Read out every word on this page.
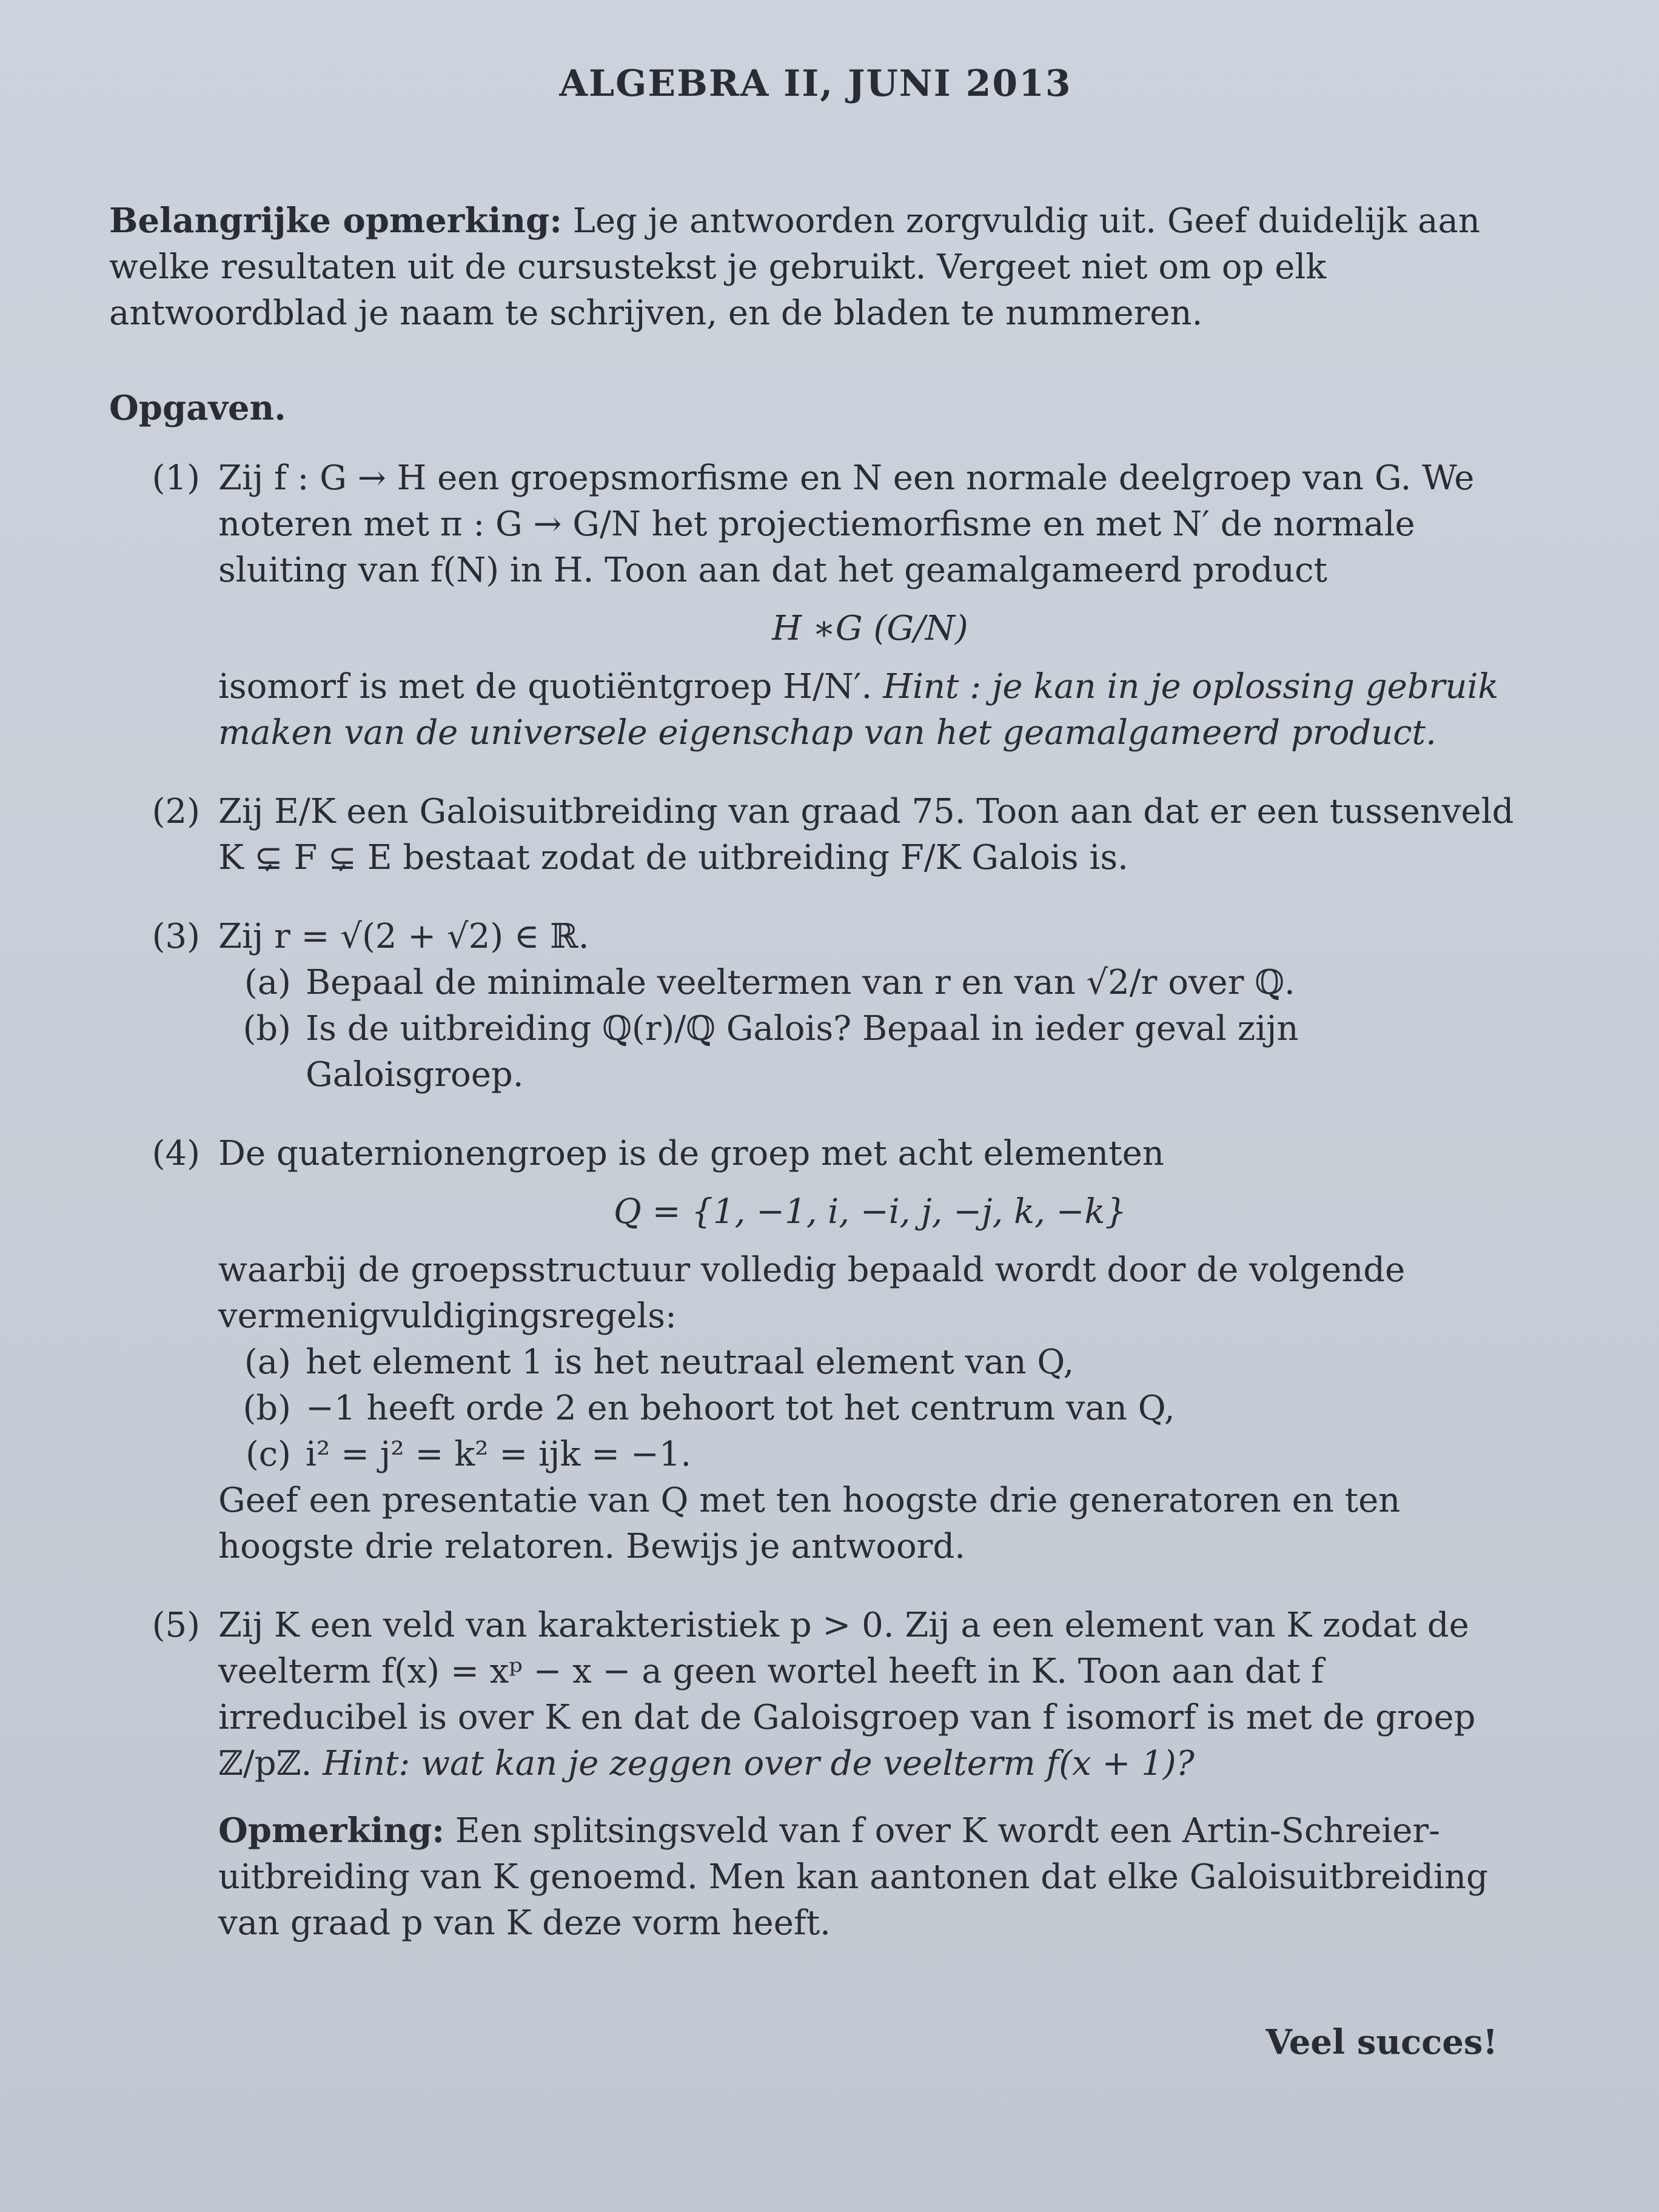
ALGEBRA II, JUNI 2013

Belangrijke opmerking: Leg je antwoorden zorgvuldig uit. Geef duidelijk aan welke resultaten uit de cursustekst je gebruikt. Vergeet niet om op elk antwoordblad je naam te schrijven, en de bladen te nummeren.

Opgaven.
(1) Zij f : G → H een groepsmorfisme en N een normale deelgroep van G. We noteren met π : G → G/N het projectiemorfisme en met N′ de normale sluiting van f(N) in H. Toon aan dat het geamalgameerd product
H ∗G (G/N)
isomorf is met de quotiëntgroep H/N′. Hint : je kan in je oplossing gebruik maken van de universele eigenschap van het geamalgameerd product.
(2) Zij E/K een Galoisuitbreiding van graad 75. Toon aan dat er een tussenveld K ⊊ F ⊊ E bestaat zodat de uitbreiding F/K Galois is.
(3) Zij r = √(2 + √2) ∈ ℝ.
(a) Bepaal de minimale veeltermen van r en van √2/r over ℚ.
(b) Is de uitbreiding ℚ(r)/ℚ Galois? Bepaal in ieder geval zijn Galoisgroep.
(4) De quaternionengroep is de groep met acht elementen
Q = {1, −1, i, −i, j, −j, k, −k}
waarbij de groepsstructuur volledig bepaald wordt door de volgende vermenigvuldigingsregels:
(a) het element 1 is het neutraal element van Q,
(b) −1 heeft orde 2 en behoort tot het centrum van Q,
(c) i² = j² = k² = ijk = −1.
Geef een presentatie van Q met ten hoogste drie generatoren en ten hoogste drie relatoren. Bewijs je antwoord.
(5) Zij K een veld van karakteristiek p > 0. Zij a een element van K zodat de veelterm f(x) = xᵖ − x − a geen wortel heeft in K. Toon aan dat f irreducibel is over K en dat de Galoisgroep van f isomorf is met de groep ℤ/pℤ. Hint: wat kan je zeggen over de veelterm f(x + 1)?
Opmerking: Een splitsingsveld van f over K wordt een Artin-Schreier-uitbreiding van K genoemd. Men kan aantonen dat elke Galoisuitbreiding van graad p van K deze vorm heeft.
Veel succes!
